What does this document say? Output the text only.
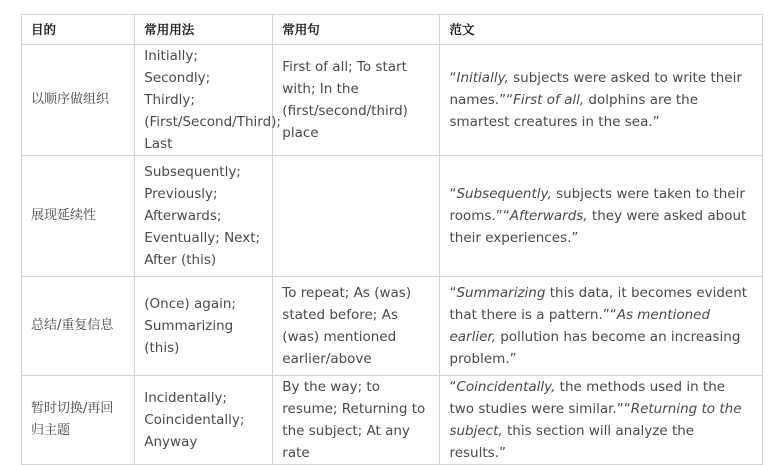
目的	常用用法	常用句	范文
以顺序做组织	Initially; Secondly; Thirdly; (First/Second/Third); Last	First of all; To start with; In the (first/second/third) place	“Initially, subjects were asked to write their names.”“First of all, dolphins are the smartest creatures in the sea.”
展现延续性	Subsequently; Previously; Afterwards; Eventually; Next; After (this)		“Subsequently, subjects were taken to their rooms.”“Afterwards, they were asked about their experiences.”
总结/重复信息	(Once) again; Summarizing (this)	To repeat; As (was) stated before; As (was) mentioned earlier/above	“Summarizing this data, it becomes evident that there is a pattern.”“As mentioned earlier, pollution has become an increasing problem.”
暂时切换/再回归主题	Incidentally; Coincidentally; Anyway	By the way; to resume; Returning to the subject; At any rate	“Coincidentally, the methods used in the two studies were similar.”“Returning to the subject, this section will analyze the results.”
